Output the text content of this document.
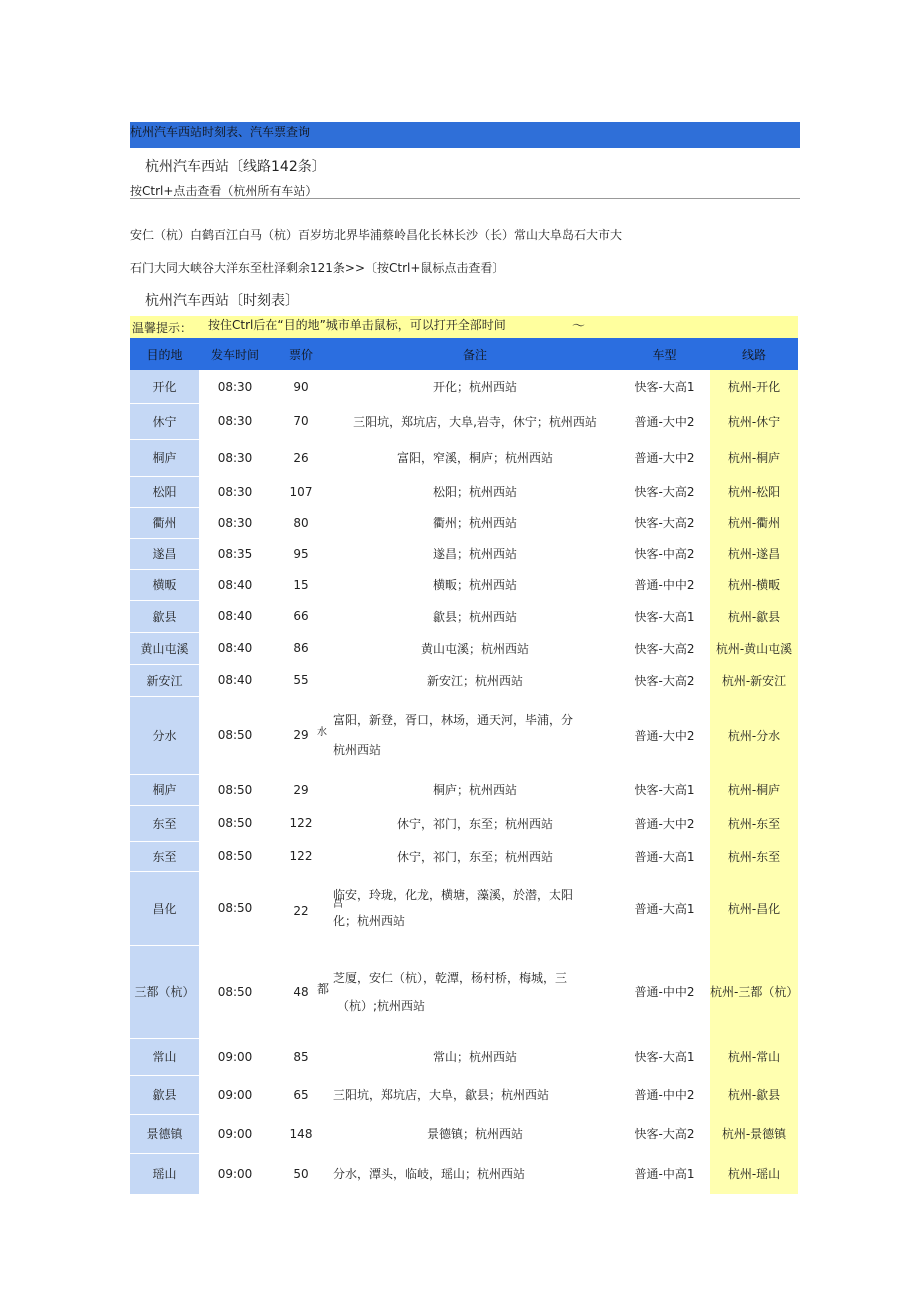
杭州汽车西站时刻表、汽车票查询
杭州汽车西站〔线路142条〕
按Ctrl+点击查看（杭州所有车站）
安仁（杭）白鹤百江白马（杭）百岁坊北界毕浦蔡岭昌化长林长沙（长）常山大阜岛石大市大
石门大同大峡谷大洋东至杜泽剩余121条>>〔按Ctrl+鼠标点击查看〕
杭州汽车西站〔时刻表〕
温馨提示： 按住Ctrl后在“目的地”城市单击鼠标，可以打开全部时间	～
目的地	发车时间	票价	备注	车型	线路
开化	08:30	90	开化；杭州西站	快客-大高1	杭州-开化
休宁	08:30	70	三阳坑，郑坑店，大阜,岩寺，休宁；杭州西站	普通-大中2	杭州-休宁
桐庐	08:30	26	富阳，窄溪，桐庐；杭州西站	普通-大中2	杭州-桐庐
松阳	08:30	107	松阳；杭州西站	快客-大高2	杭州-松阳
衢州	08:30	80	衢州；杭州西站	快客-大高2	杭州-衢州
遂昌	08:35	95	遂昌；杭州西站	快客-中高2	杭州-遂昌
横畈	08:40	15	横畈；杭州西站	普通-中中2	杭州-横畈
歙县	08:40	66	歙县；杭州西站	快客-大高1	杭州-歙县
黄山屯溪	08:40	86	黄山屯溪；杭州西站	快客-大高2	杭州-黄山屯溪
新安江	08:40	55	新安江；杭州西站	快客-大高2	杭州-新安江
分水	08:50	29	富阳，新登，胥口，林场，通天河，毕浦，分
水
杭州西站	普通-大中2	杭州-分水
桐庐	08:50	29	桐庐；杭州西站	快客-大高1	杭州-桐庐
东至	08:50	122	休宁，祁门，东至；杭州西站	普通-大中2	杭州-东至
东至	08:50	122	休宁，祁门，东至；杭州西站	普通-大高1	杭州-东至
昌化	08:50	22	临安，玲珑，化龙，横塘，藻溪，於潜，太阳
昌
化；杭州西站	普通-大高1	杭州-昌化
三都（杭）	08:50	48	芝厦，安仁（杭），乾潭，杨村桥，梅城，三
都
（杭）;杭州西站	普通-中中2	杭州-三都（杭）
常山	09:00	85	常山；杭州西站	快客-大高1	杭州-常山
歙县	09:00	65	三阳坑，郑坑店，大阜，歙县；杭州西站	普通-中中2	杭州-歙县
景德镇	09:00	148	景德镇；杭州西站	快客-大高2	杭州-景德镇
瑶山	09:00	50	分水，潭头，临岐，瑶山；杭州西站	普通-中高1	杭州-瑶山
